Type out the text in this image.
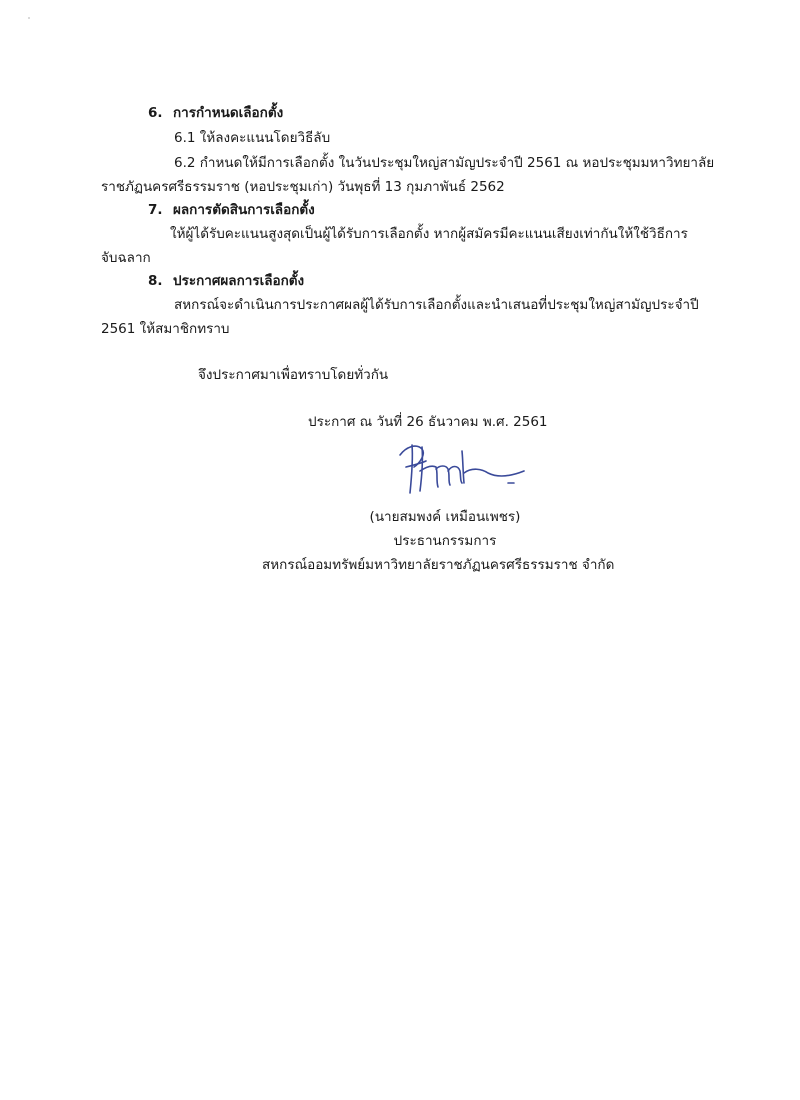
6. การกำหนดเลือกตั้ง
6.1 ให้ลงคะแนนโดยวิธีลับ
6.2 กำหนดให้มีการเลือกตั้ง ในวันประชุมใหญ่สามัญประจำปี 2561 ณ หอประชุมมหาวิทยาลัย
ราชภัฏนครศรีธรรมราช (หอประชุมเก่า) วันพุธที่ 13 กุมภาพันธ์ 2562
7. ผลการตัดสินการเลือกตั้ง
ให้ผู้ได้รับคะแนนสูงสุดเป็นผู้ได้รับการเลือกตั้ง หากผู้สมัครมีคะแนนเสียงเท่ากันให้ใช้วิธีการ
จับฉลาก
8. ประกาศผลการเลือกตั้ง
สหกรณ์จะดำเนินการประกาศผลผู้ได้รับการเลือกตั้งและนำเสนอที่ประชุมใหญ่สามัญประจำปี
2561 ให้สมาชิกทราบ
จึงประกาศมาเพื่อทราบโดยทั่วกัน
ประกาศ ณ วันที่ 26 ธันวาคม พ.ศ. 2561
(นายสมพงค์ เหมือนเพชร)
ประธานกรรมการ
สหกรณ์ออมทรัพย์มหาวิทยาลัยราชภัฏนครศรีธรรมราช จำกัด
